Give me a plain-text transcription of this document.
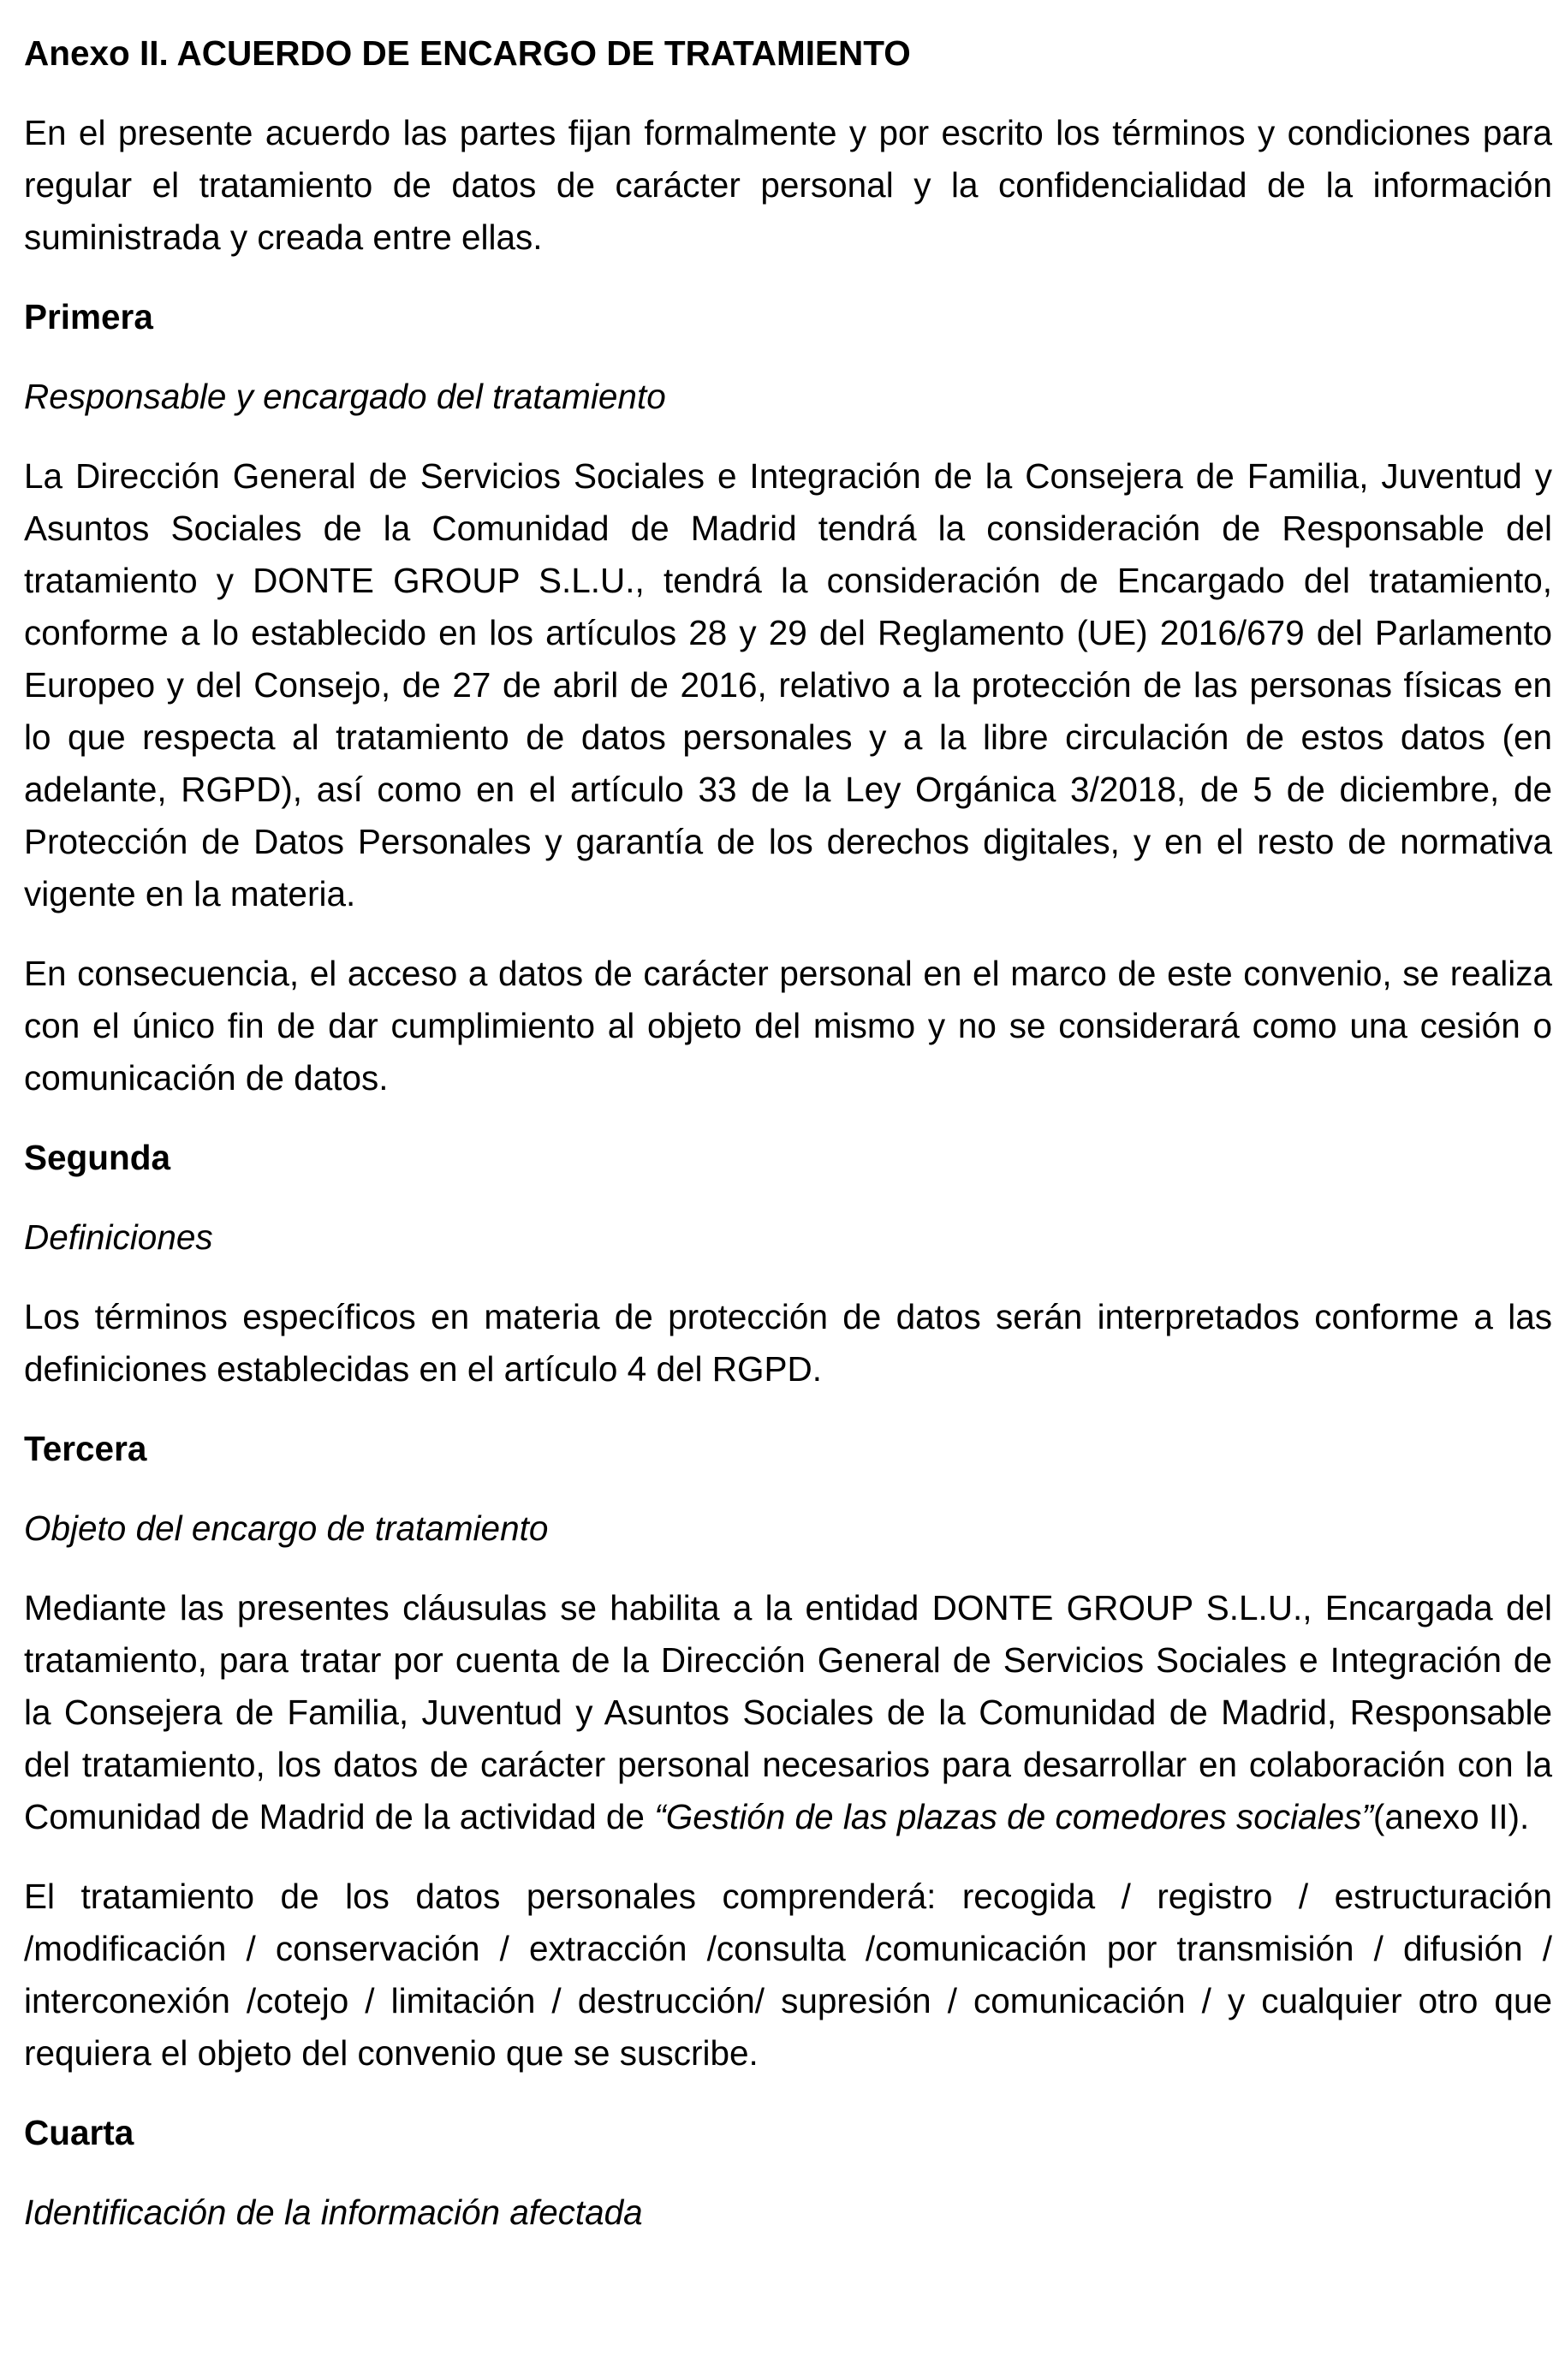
Anexo II. ACUERDO DE ENCARGO DE TRATAMIENTO

En el presente acuerdo las partes fijan formalmente y por escrito los términos y condiciones para regular el tratamiento de datos de carácter personal y la confidencialidad de la información suministrada y creada entre ellas.

Primera

Responsable y encargado del tratamiento

La Dirección General de Servicios Sociales e Integración de la Consejera de Familia, Juventud y Asuntos Sociales de la Comunidad de Madrid tendrá la consideración de Responsable del tratamiento y DONTE GROUP S.L.U., tendrá la consideración de Encargado del tratamiento, conforme a lo establecido en los artículos 28 y 29 del Reglamento (UE) 2016/679 del Parlamento Europeo y del Consejo, de 27 de abril de 2016, relativo a la protección de las personas físicas en lo que respecta al tratamiento de datos personales y a la libre circulación de estos datos (en adelante, RGPD), así como en el artículo 33 de la Ley Orgánica 3/2018, de 5 de diciembre, de Protección de Datos Personales y garantía de los derechos digitales, y en el resto de normativa vigente en la materia.

En consecuencia, el acceso a datos de carácter personal en el marco de este convenio, se realiza con el único fin de dar cumplimiento al objeto del mismo y no se considerará como una cesión o comunicación de datos.

Segunda

Definiciones

Los términos específicos en materia de protección de datos serán interpretados conforme a las definiciones establecidas en el artículo 4 del RGPD.

Tercera

Objeto del encargo de tratamiento

Mediante las presentes cláusulas se habilita a la entidad DONTE GROUP S.L.U., Encargada del tratamiento, para tratar por cuenta de la Dirección General de Servicios Sociales e Integración de la Consejera de Familia, Juventud y Asuntos Sociales de la Comunidad de Madrid, Responsable del tratamiento, los datos de carácter personal necesarios para desarrollar en colaboración con la Comunidad de Madrid de la actividad de “Gestión de las plazas de comedores sociales”(anexo II).

El tratamiento de los datos personales comprenderá: recogida / registro / estructuración /modificación / conservación / extracción /consulta /comunicación por transmisión / difusión / interconexión /cotejo / limitación / destrucción/ supresión / comunicación / y cualquier otro que requiera el objeto del convenio que se suscribe.

Cuarta

Identificación de la información afectada
